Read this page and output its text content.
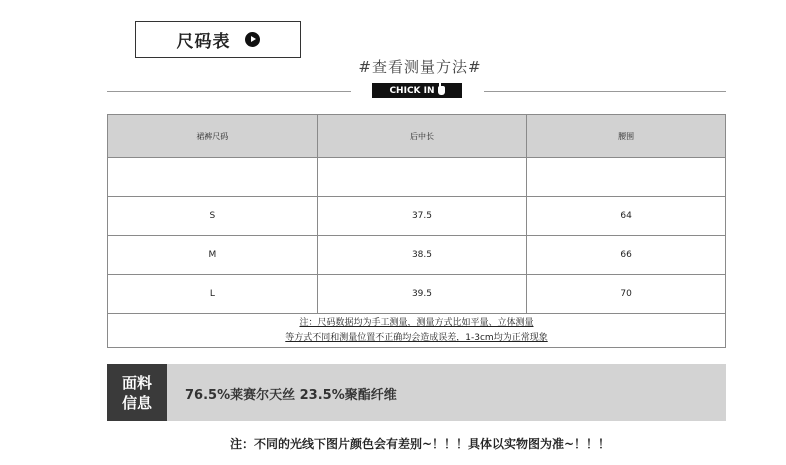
尺码表
#查看测量方法#
CHICK IN
裙裤尺码	后中长	腰围

S	37.5	64
M	38.5	66
L	39.5	70
注：尺码数据均为手工测量，测量方式比如平量、立体测量
等方式不同和测量位置不正确均会造成误差，1-3cm均为正常现象		
面料信息	76.5%莱赛尔天丝 23.5%聚酯纤维
注：不同的光线下图片颜色会有差别~！！！具体以实物图为准~！！！
